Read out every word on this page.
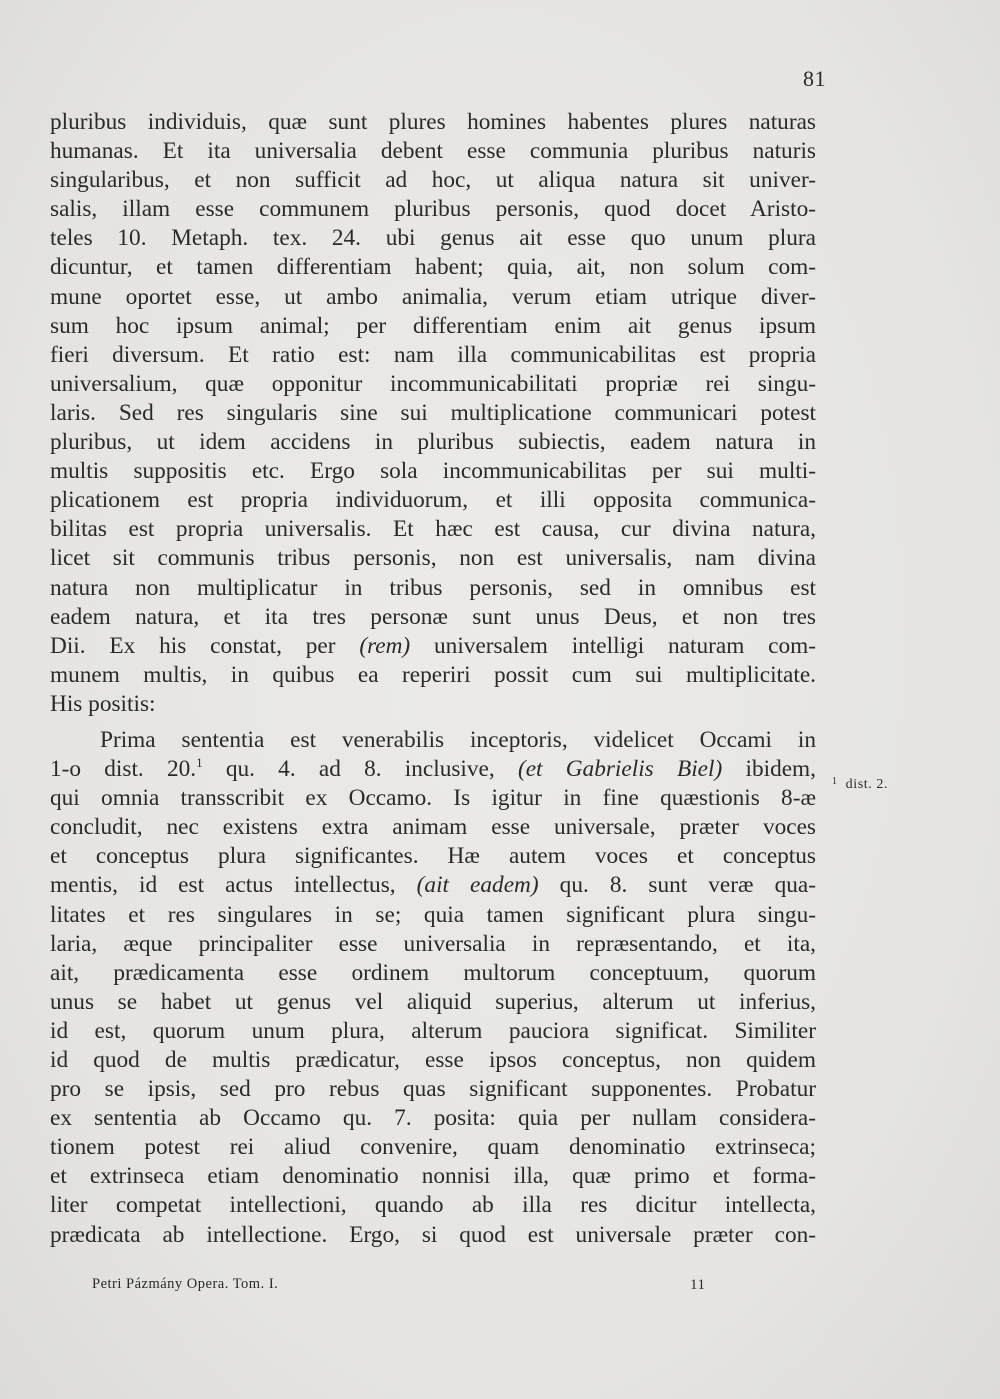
81
pluribus individuis, quæ sunt plures homines habentes plures naturas
humanas. Et ita universalia debent esse communia pluribus naturis
singularibus, et non sufficit ad hoc, ut aliqua natura sit univer-
salis, illam esse communem pluribus personis, quod docet Aristo-
teles 10. Metaph. tex. 24. ubi genus ait esse quo unum plura
dicuntur, et tamen differentiam habent; quia, ait, non solum com-
mune oportet esse, ut ambo animalia, verum etiam utrique diver-
sum hoc ipsum animal; per differentiam enim ait genus ipsum
fieri diversum. Et ratio est: nam illa communicabilitas est propria
universalium, quæ opponitur incommunicabilitati propriæ rei singu-
laris. Sed res singularis sine sui multiplicatione communicari potest
pluribus, ut idem accidens in pluribus subiectis, eadem natura in
multis suppositis etc. Ergo sola incommunicabilitas per sui multi-
plicationem est propria individuorum, et illi opposita communica-
bilitas est propria universalis. Et hæc est causa, cur divina natura,
licet sit communis tribus personis, non est universalis, nam divina
natura non multiplicatur in tribus personis, sed in omnibus est
eadem natura, et ita tres personæ sunt unus Deus, et non tres
Dii. Ex his constat, per (rem) universalem intelligi naturam com-
munem multis, in quibus ea reperiri possit cum sui multiplicitate.
His positis:
Prima sententia est venerabilis inceptoris, videlicet Occami in
1-o dist. 20.$^1$ qu. 4. ad 8. inclusive, (et Gabrielis Biel) ibidem,
qui omnia transscribit ex Occamo. Is igitur in fine quæstionis 8-æ
concludit, nec existens extra animam esse universale, præter voces
et conceptus plura significantes. Hæ autem voces et conceptus
mentis, id est actus intellectus, (ait eadem) qu. 8. sunt veræ qua-
litates et res singulares in se; quia tamen significant plura singu-
laria, æque principaliter esse universalia in repræsentando, et ita,
ait, prædicamenta esse ordinem multorum conceptuum, quorum
unus se habet ut genus vel aliquid superius, alterum ut inferius,
id est, quorum unum plura, alterum pauciora significat. Similiter
id quod de multis prædicatur, esse ipsos conceptus, non quidem
pro se ipsis, sed pro rebus quas significant supponentes. Probatur
ex sententia ab Occamo qu. 7. posita: quia per nullam considera-
tionem potest rei aliud convenire, quam denominatio extrinseca;
et extrinseca etiam denominatio nonnisi illa, quæ primo et forma-
liter competat intellectioni, quando ab illa res dicitur intellecta,
prædicata ab intellectione. Ergo, si quod est universale præter con-
$^1$ dist. 2.
Petri Pázmány Opera. Tom. I.	11
